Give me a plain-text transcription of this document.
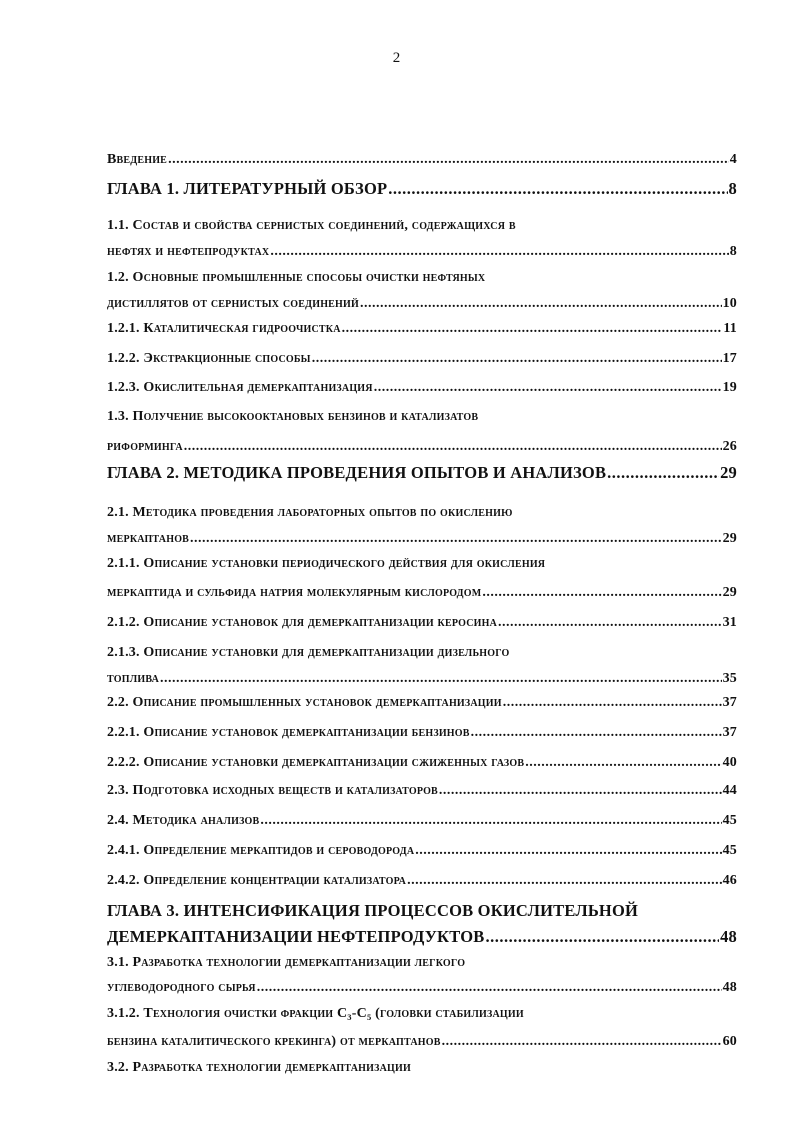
2
Введение .....	4
ГЛАВА 1. ЛИТЕРАТУРНЫЙ ОБЗОР .....	8
1.1. Состав и свойства сернистых соединений, содержащихся в
нефтях и нефтепродуктах .....	8
1.2. Основные промышленные способы очистки нефтяных
дистиллятов от сернистых соединений .....	10
1.2.1. Каталитическая гидроочистка .....	11
1.2.2. Экстракционные способы .....	17
1.2.3. Окислительная демеркаптанизация .....	19
1.3. Получение высокооктановых бензинов и катализатов
риформинга .....	26
ГЛАВА 2. МЕТОДИКА ПРОВЕДЕНИЯ ОПЫТОВ И АНАЛИЗОВ .....	29
2.1. Методика проведения лабораторных опытов по окислению
меркаптанов .....	29
2.1.1. Описание установки периодического действия для окисления
меркаптида и сульфида натрия молекулярным кислородом .....	29
2.1.2. Описание установок для демеркаптанизации керосина .....	31
2.1.3. Описание установки для демеркаптанизации дизельного
топлива .....	35
2.2. Описание промышленных установок демеркаптанизации .....	37
2.2.1. Описание установок демеркаптанизации бензинов .....	37
2.2.2. Описание установки демеркаптанизации сжиженных газов .....	40
2.3. Подготовка исходных веществ и катализаторов .....	44
2.4. Методика анализов .....	45
2.4.1. Определение меркаптидов и сероводорода .....	45
2.4.2. Определение концентрации катализатора .....	46
ГЛАВА 3. ИНТЕНСИФИКАЦИЯ ПРОЦЕССОВ ОКИСЛИТЕЛЬНОЙ
ДЕМЕРКАПТАНИЗАЦИИ НЕФТЕПРОДУКТОВ .....	48
3.1. Разработка технологии демеркаптанизации легкого
углеводородного сырья .....	48
3.1.2. Технология очистки фракции $C_3-C_5$ (головки стабилизации
бензина каталитического крекинга) от меркаптанов .....	60
3.2. Разработка технологии демеркаптанизации
